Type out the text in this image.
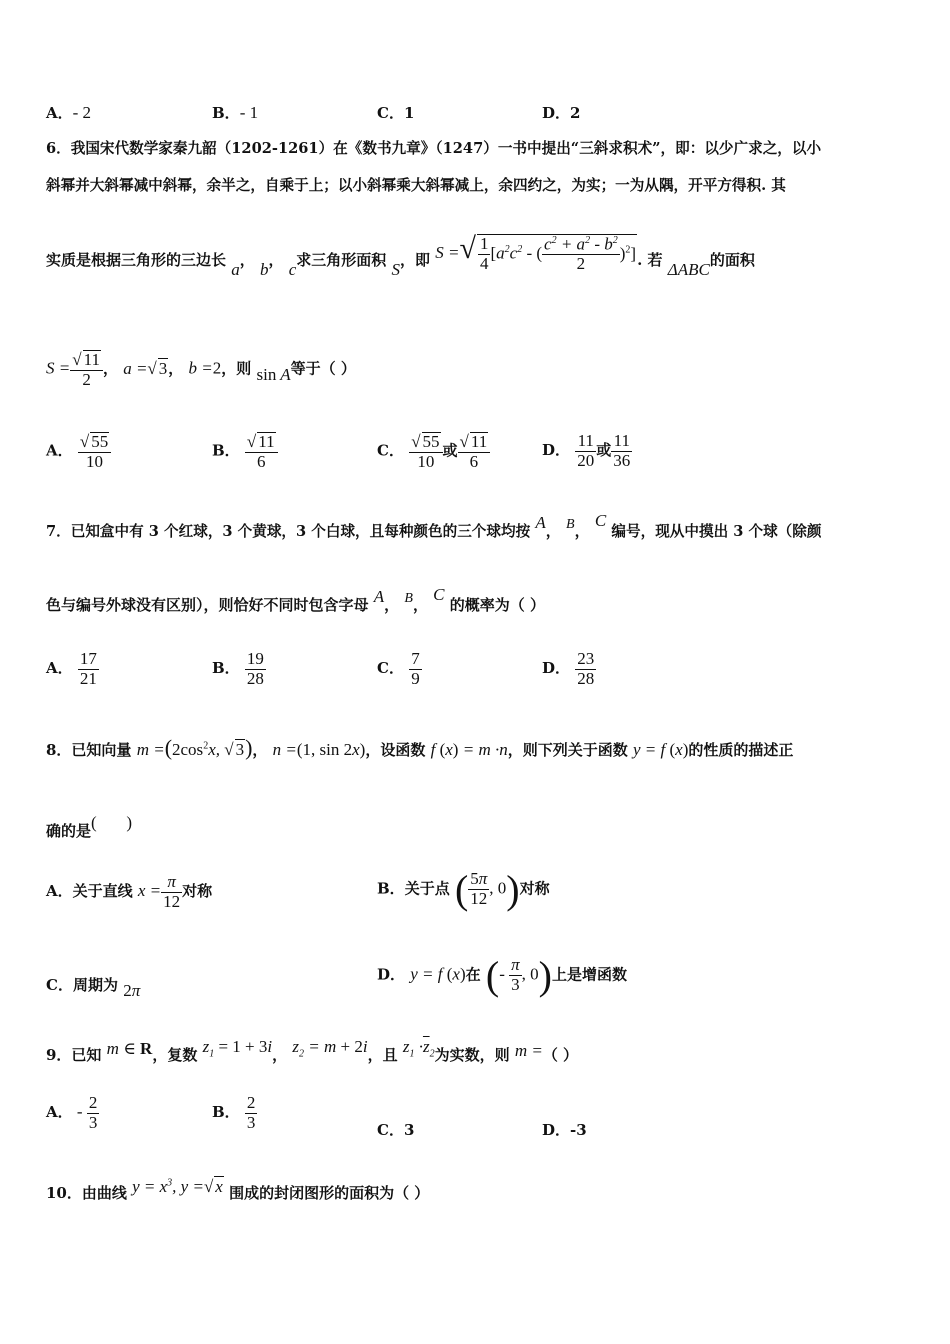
A．- 2	B．- 1	C．1	D．2
6．我国宋代数学家秦九韶（1202-1261）在《数书九章》（1247）一书中提出“三斜求积术”，即：以少广求之，以小
斜幂并大斜幂减中斜幂，余半之，自乘于上；以小斜幂乘大斜幂减上，余四约之，为实；一为从隅，开平方得积. 其
实质是根据三角形的三边长 a， b， c求三角形面积 S，即 S =√ $\frac{1}{4} [a^2c^2$ - ( $\frac{c^2 + a^2 - b^2}{2} )^2$]. 若 ΔABC的面积
$S = \frac{√ 11}{2}$ ， a =√ 3， b =2，则 sin A等于（ ）
A． $\frac{√ 55}{10}$	B． $\frac{√ 11}{6}$	C． $\frac{√ 55}{10}$ 或 $\frac{√ 11}{6}$	D． $\frac{11}{20}$ 或 $\frac{11}{36}$
7．已知盒中有 3 个红球，3 个黄球，3 个白球，且每种颜色的三个球均按 A， B， C 编号，现从中摸出 3 个球（除颜
色与编号外球没有区别），则恰好不同时包含字母 A， B， C 的概率为（ ）
A． $\frac{17}{21}$	B． $\frac{19}{28}$	C． $\frac{7}{9}$	D． $\frac{23}{28}$
8．已知向量 $m =(2\cos^2x$, √ 3)， n =(1, sin 2x)，设函数 f (x) = m ·n，则下列关于函数 y = f (x)的性质的描述正
确的是(       )
A．关于直线 $x = \frac{\pi}{12}$ 对称	B．关于点 ( $\frac{5\pi}{12}$ , 0)对称
C．周期为 2π
D． y = f (x)在 (- $\frac{\pi}{3}$ , 0)上是增函数
9．已知 m ∈ R，复数 $z_1 = 1 + 3i$， $z_2 = m + 2i$，且 $z_1 \cdot\overline{z}_2$为实数，则 m =（ ）
A． - $\frac{2}{3}$	B． $\frac{2}{3}$	C．3	D．-3
10．由曲线 $y = x^3$, y =√ x 围成的封闭图形的面积为（ ）
